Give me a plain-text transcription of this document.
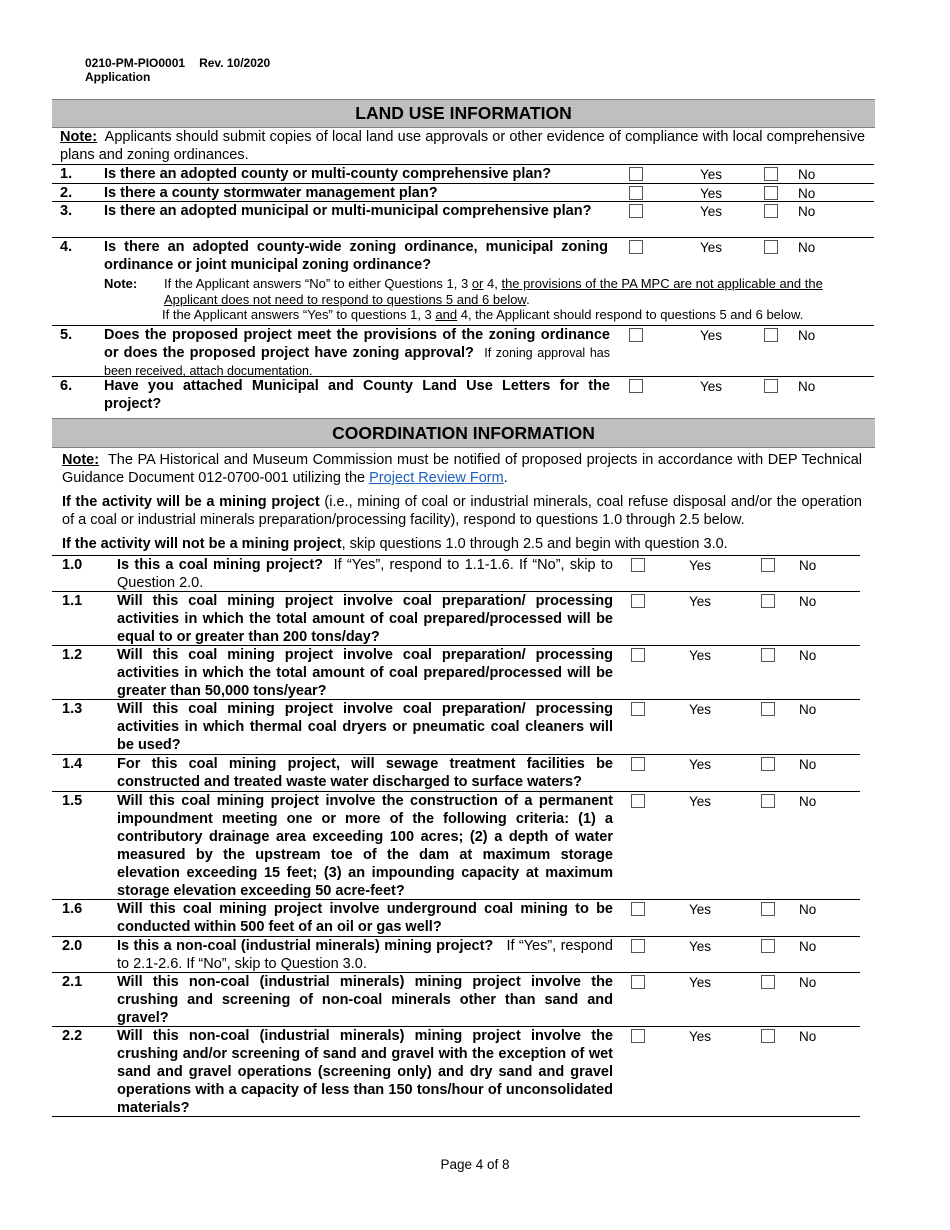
0210-PM-PIO0001 Rev. 10/2020
Application
LAND USE INFORMATION
Note: Applicants should submit copies of local land use approvals or other evidence of compliance with local comprehensive plans and zoning ordinances.
1. Is there an adopted county or multi-county comprehensive plan?	Yes	No
2. Is there a county stormwater management plan?	Yes	No
3. Is there an adopted municipal or multi-municipal comprehensive plan?	Yes	No
4. Is there an adopted county-wide zoning ordinance, municipal zoning ordinance or joint municipal zoning ordinance?
Yes	No
Note: If the Applicant answers “No” to either Questions 1, 3 or 4, the provisions of the PA MPC are not applicable and the Applicant does not need to respond to questions 5 and 6 below.
If the Applicant answers “Yes” to questions 1, 3 and 4, the Applicant should respond to questions 5 and 6 below.
5. Does the proposed project meet the provisions of the zoning ordinance or does the proposed project have zoning approval? If zoning approval has been received, attach documentation.
Yes	No
6. Have you attached Municipal and County Land Use Letters for the project?
Yes	No
COORDINATION INFORMATION
Note: The PA Historical and Museum Commission must be notified of proposed projects in accordance with DEP Technical Guidance Document 012-0700-001 utilizing the Project Review Form.
If the activity will be a mining project (i.e., mining of coal or industrial minerals, coal refuse disposal and/or the operation of a coal or industrial minerals preparation/processing facility), respond to questions 1.0 through 2.5 below.
If the activity will not be a mining project, skip questions 1.0 through 2.5 and begin with question 3.0.
1.0 Is this a coal mining project? If “Yes”, respond to 1.1-1.6. If “No”, skip to Question 2.0.
Yes	No
1.1 Will this coal mining project involve coal preparation/ processing activities in which the total amount of coal prepared/processed will be equal to or greater than 200 tons/day?
Yes	No
1.2 Will this coal mining project involve coal preparation/ processing activities in which the total amount of coal prepared/processed will be greater than 50,000 tons/year?
Yes	No
1.3 Will this coal mining project involve coal preparation/ processing activities in which thermal coal dryers or pneumatic coal cleaners will be used?
Yes	No
1.4 For this coal mining project, will sewage treatment facilities be constructed and treated waste water discharged to surface waters?
Yes	No
1.5 Will this coal mining project involve the construction of a permanent impoundment meeting one or more of the following criteria: (1) a contributory drainage area exceeding 100 acres; (2) a depth of water measured by the upstream toe of the dam at maximum storage elevation exceeding 15 feet; (3) an impounding capacity at maximum storage elevation exceeding 50 acre-feet?
Yes	No
1.6 Will this coal mining project involve underground coal mining to be conducted within 500 feet of an oil or gas well?
Yes	No
2.0 Is this a non-coal (industrial minerals) mining project? If “Yes”, respond to 2.1-2.6. If “No”, skip to Question 3.0.
Yes	No
2.1 Will this non-coal (industrial minerals) mining project involve the crushing and screening of non-coal minerals other than sand and gravel?
Yes	No
2.2 Will this non-coal (industrial minerals) mining project involve the crushing and/or screening of sand and gravel with the exception of wet sand and gravel operations (screening only) and dry sand and gravel operations with a capacity of less than 150 tons/hour of unconsolidated materials?
Yes	No
Page 4 of 8
